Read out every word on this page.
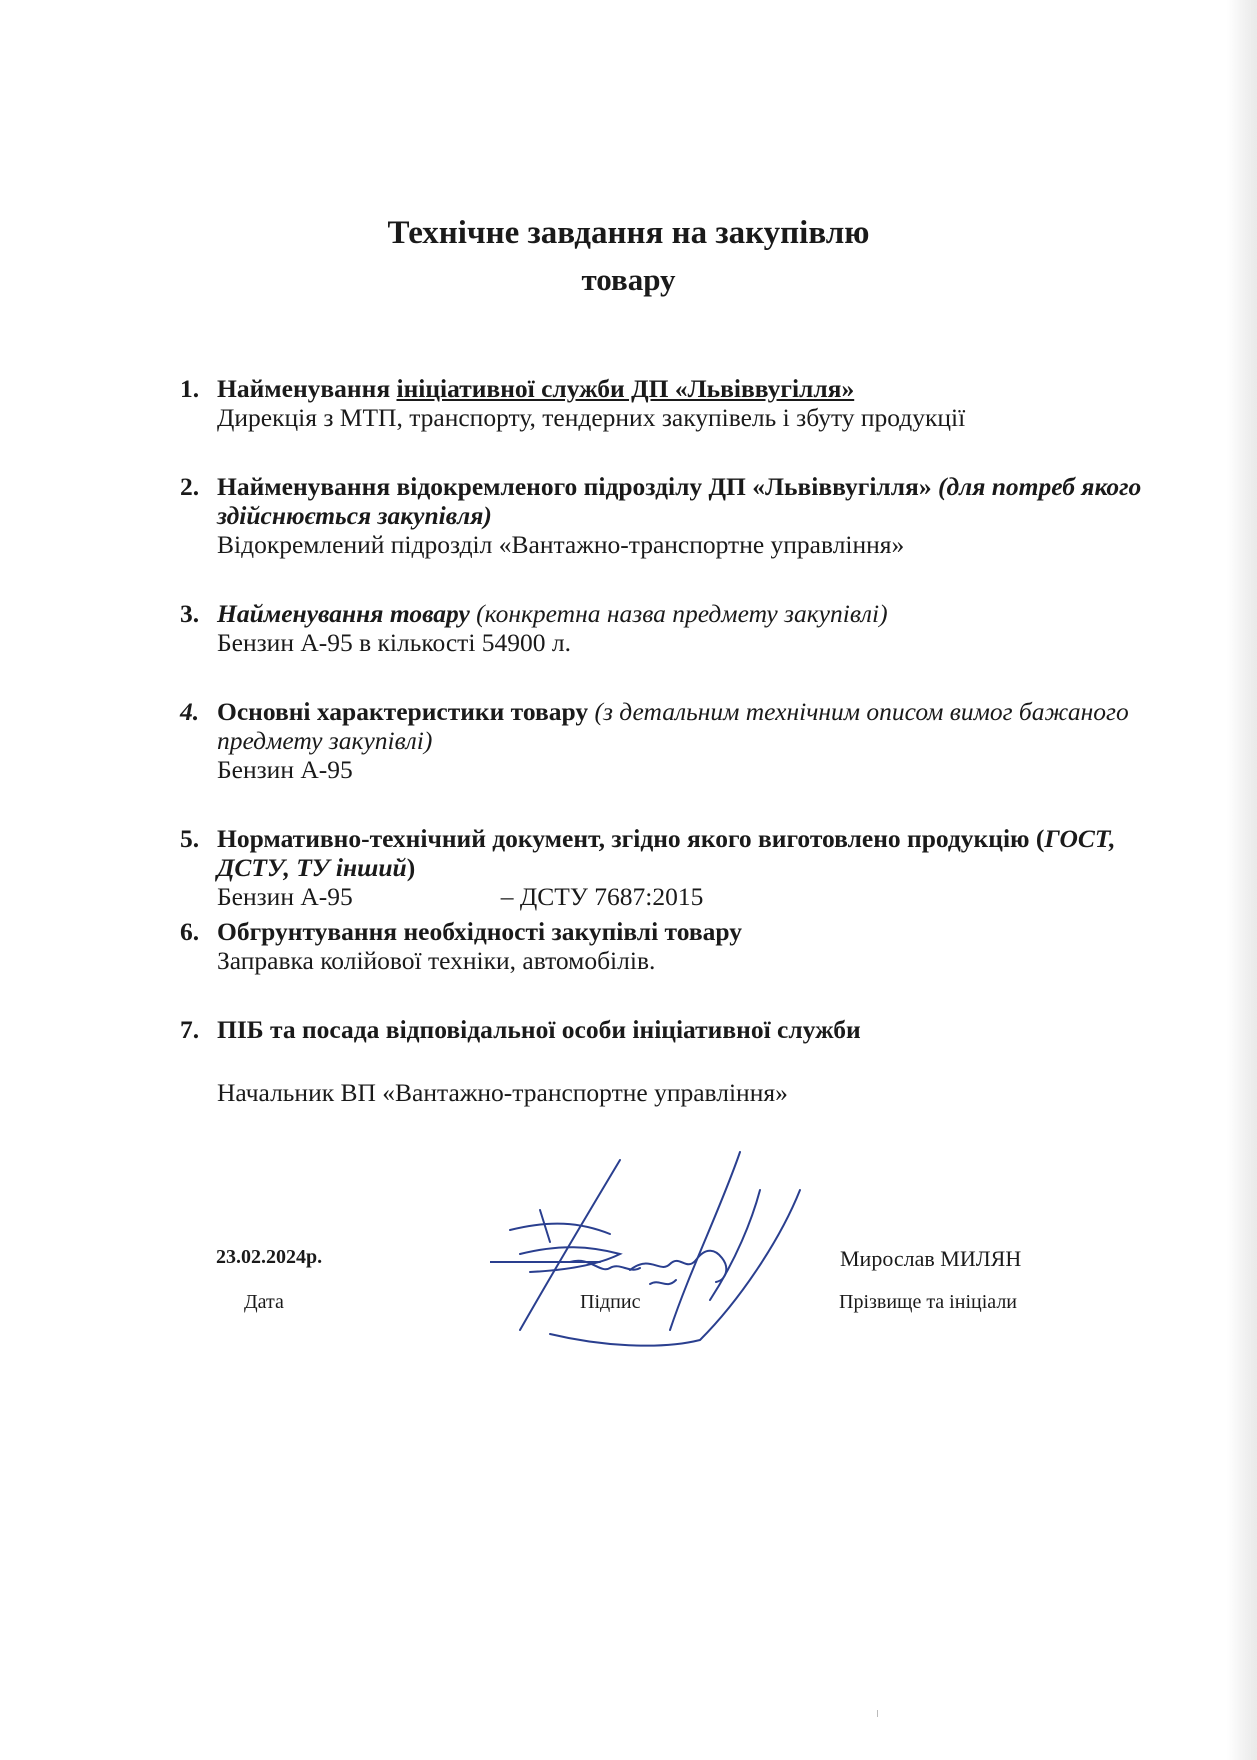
Технічне завдання на закупівлю
товару
1. Найменування ініціативної служби ДП «Львіввугілля»
Дирекція з МТП, транспорту, тендерних закупівель і збуту продукції
2. Найменування відокремленого підрозділу ДП «Львіввугілля» (для потреб якого здійснюється закупівля)
Відокремлений підрозділ «Вантажно-транспортне управління»
3. Найменування товару (конкретна назва предмету закупівлі)
Бензин А-95 в кількості 54900 л.
4. Основні характеристики товару (з детальним технічним описом вимог бажаного предмету закупівлі)
Бензин А-95
5. Нормативно-технічний документ, згідно якого виготовлено продукцію (ГОСТ, ДСТУ, ТУ інший)
Бензин А-95	– ДСТУ 7687:2015
6. Обгрунтування необхідності закупівлі товару
Заправка колійової техніки, автомобілів.
7. ПІБ та посада відповідальної особи ініціативної служби

Начальник ВП «Вантажно-транспортне управління»
23.02.2024р.
Дата	Підпис
Мирослав МИЛЯН
Прізвище та ініціали
